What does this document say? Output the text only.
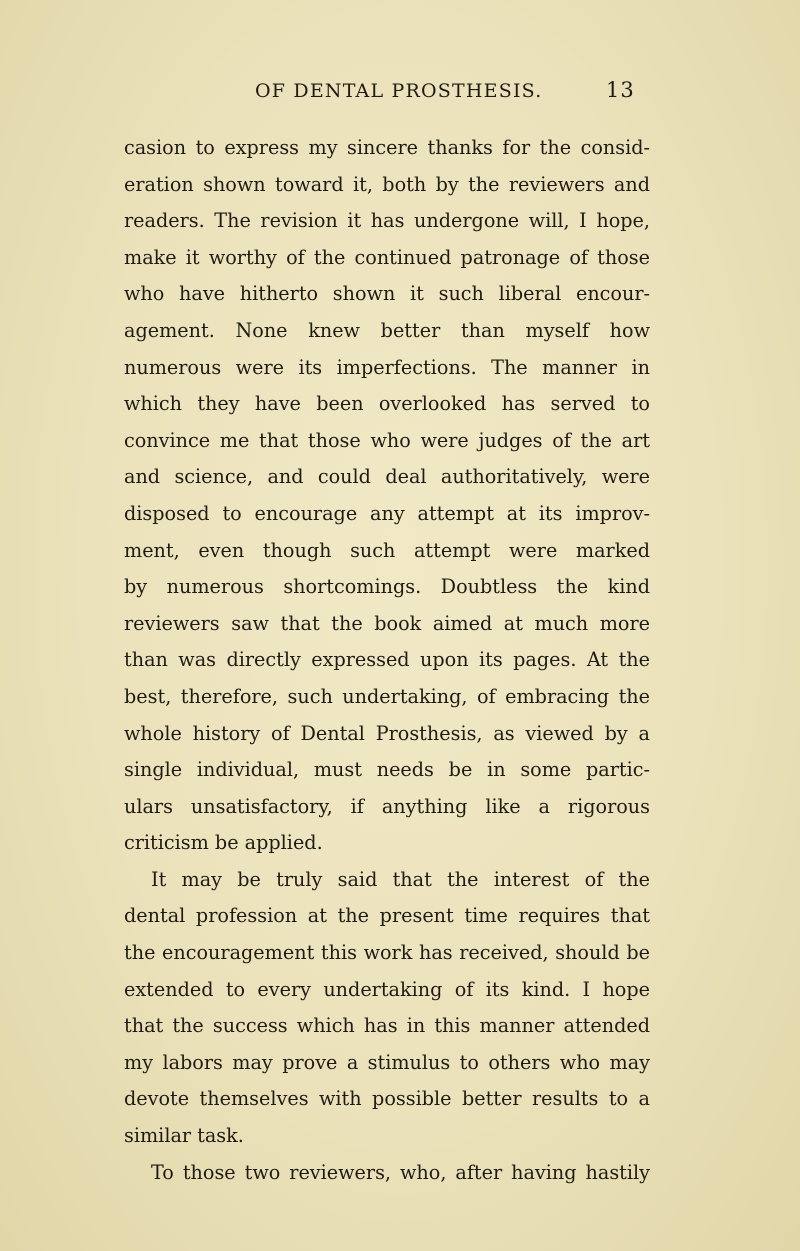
OF DENTAL PROSTHESIS.	13
casion to express my sincere thanks for the consid-
eration shown toward it, both by the reviewers and
readers. The revision it has undergone will, I hope,
make it worthy of the continued patronage of those
who have hitherto shown it such liberal encour-
agement. None knew better than myself how
numerous were its imperfections. The manner in
which they have been overlooked has served to
convince me that those who were judges of the art
and science, and could deal authoritatively, were
disposed to encourage any attempt at its improv-
ment, even though such attempt were marked
by numerous shortcomings. Doubtless the kind
reviewers saw that the book aimed at much more
than was directly expressed upon its pages. At the
best, therefore, such undertaking, of embracing the
whole history of Dental Prosthesis, as viewed by a
single individual, must needs be in some partic-
ulars unsatisfactory, if anything like a rigorous
criticism be applied.
It may be truly said that the interest of the
dental profession at the present time requires that
the encouragement this work has received, should be
extended to every undertaking of its kind. I hope
that the success which has in this manner attended
my labors may prove a stimulus to others who may
devote themselves with possible better results to a
similar task.
To those two reviewers, who, after having hastily
